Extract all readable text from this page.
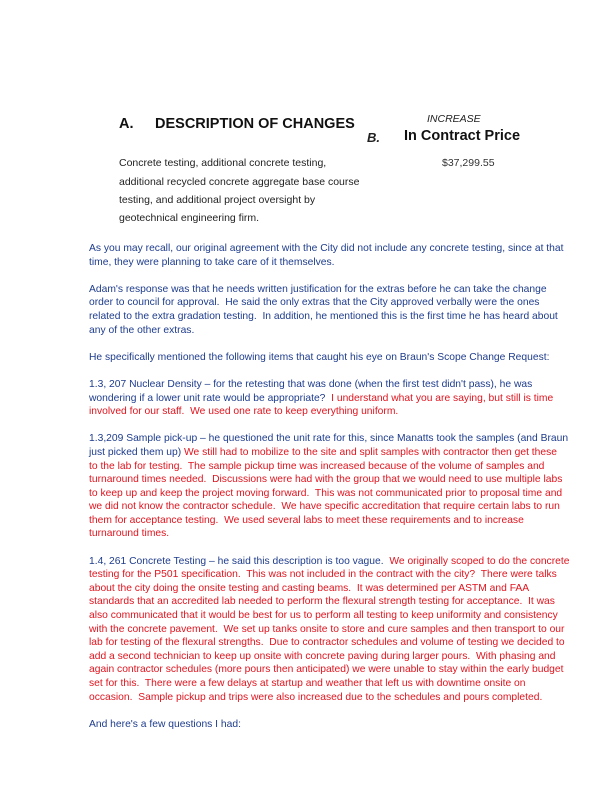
A. DESCRIPTION OF CHANGES	INCREASE
B. In Contract Price
$37,299.55
Concrete testing, additional concrete testing,
additional recycled concrete aggregate base course
testing, and additional project oversight by
geotechnical engineering firm.
As you may recall, our original agreement with the City did not include any concrete testing, since at that
time, they were planning to take care of it themselves.
Adam's response was that he needs written justification for the extras before he can take the change
order to council for approval.  He said the only extras that the City approved verbally were the ones
related to the extra gradation testing.  In addition, he mentioned this is the first time he has heard about
any of the other extras.
He specifically mentioned the following items that caught his eye on Braun's Scope Change Request:
1.3, 207 Nuclear Density – for the retesting that was done (when the first test didn't pass), he was
wondering if a lower unit rate would be appropriate?  I understand what you are saying, but still is time
involved for our staff.  We used one rate to keep everything uniform.
1.3,209 Sample pick-up – he questioned the unit rate for this, since Manatts took the samples (and Braun
just picked them up) We still had to mobilize to the site and split samples with contractor then get these
to the lab for testing.  The sample pickup time was increased because of the volume of samples and
turnaround times needed.  Discussions were had with the group that we would need to use multiple labs
to keep up and keep the project moving forward.  This was not communicated prior to proposal time and
we did not know the contractor schedule.  We have specific accreditation that require certain labs to run
them for acceptance testing.  We used several labs to meet these requirements and to increase
turnaround times.
1.4, 261 Concrete Testing – he said this description is too vague.  We originally scoped to do the concrete
testing for the P501 specification.  This was not included in the contract with the city?  There were talks
about the city doing the onsite testing and casting beams.  It was determined per ASTM and FAA
standards that an accredited lab needed to perform the flexural strength testing for acceptance.  It was
also communicated that it would be best for us to perform all testing to keep uniformity and consistency
with the concrete pavement.  We set up tanks onsite to store and cure samples and then transport to our
lab for testing of the flexural strengths.  Due to contractor schedules and volume of testing we decided to
add a second technician to keep up onsite with concrete paving during larger pours.  With phasing and
again contractor schedules (more pours then anticipated) we were unable to stay within the early budget
set for this.  There were a few delays at startup and weather that left us with downtime onsite on
occasion.  Sample pickup and trips were also increased due to the schedules and pours completed.
And here's a few questions I had:
